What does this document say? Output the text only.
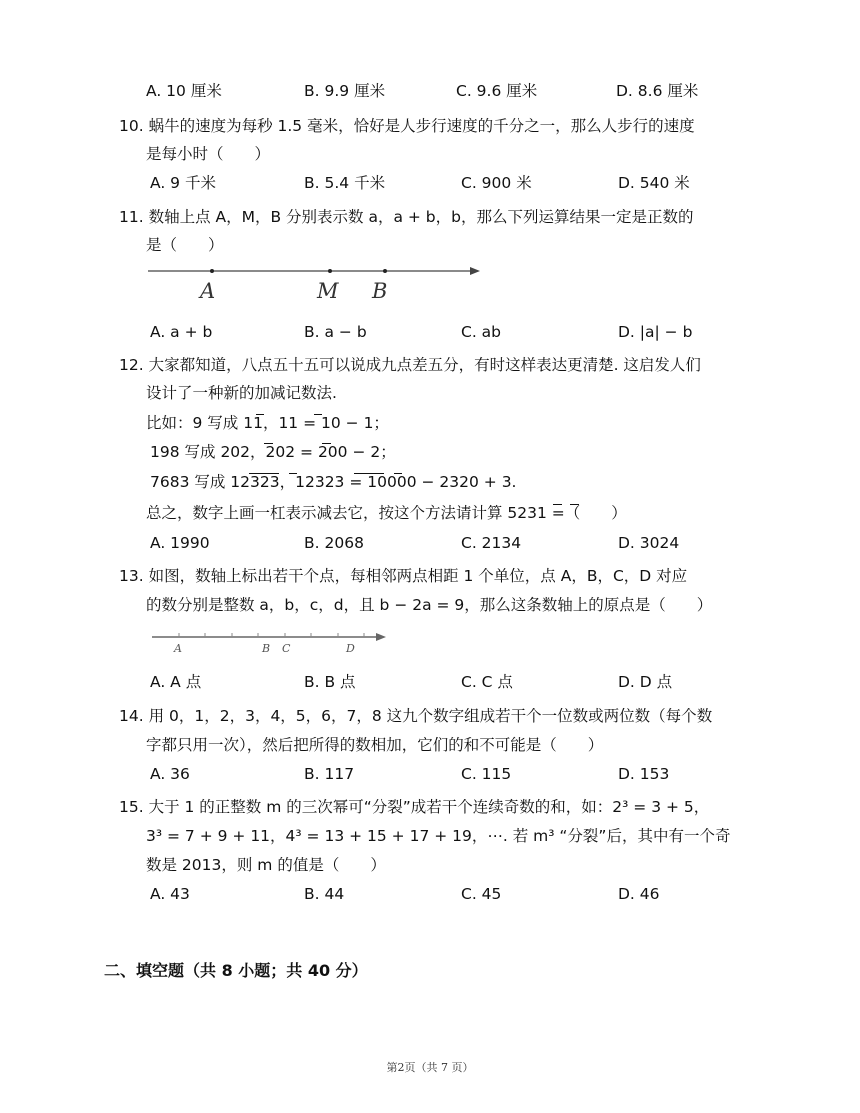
A. 10 厘米	B. 9.9 厘米	C. 9.6 厘米	D. 8.6 厘米
10. 蜗牛的速度为每秒 1.5 毫米，恰好是人步行速度的千分之一，那么人步行的速度
是每小时（　　）
A. 9 千米	B. 5.4 千米	C. 900 米	D. 540 米
11. 数轴上点 A，M，B 分别表示数 a，a + b，b，那么下列运算结果一定是正数的
是（　　）
A	M B
A. a + b	B. a − b	C. ab	D. |a| − b
12. 大家都知道，八点五十五可以说成九点差五分，有时这样表达更清楚. 这启发人们
设计了一种新的加减记数法.
比如：9 写成 11，11 = 10 − 1；
198 写成 202，202 = 200 − 2；
7683 写成 12323，12323 = 10000 − 2320 + 3.
总之，数字上画一杠表示减去它，按这个方法请计算 5231 =（　　）
A. 1990	B. 2068	C. 2134	D. 3024
13. 如图，数轴上标出若干个点，每相邻两点相距 1 个单位，点 A，B，C，D 对应
的数分别是整数 a，b，c，d，且 b − 2a = 9，那么这条数轴上的原点是（　　）
A	B C	D
A. A 点	B. B 点	C. C 点	D. D 点
14. 用 0，1，2，3，4，5，6，7，8 这九个数字组成若干个一位数或两位数（每个数
字都只用一次），然后把所得的数相加，它们的和不可能是（　　）
A. 36	B. 117	C. 115	D. 153
15. 大于 1 的正整数 m 的三次幂可“分裂”成若干个连续奇数的和，如：2³ = 3 + 5，
3³ = 7 + 9 + 11，4³ = 13 + 15 + 17 + 19，⋯. 若 m³ “分裂”后，其中有一个奇
数是 2013，则 m 的值是（　　）
A. 43	B. 44	C. 45	D. 46
二、填空题（共 8 小题；共 40 分）
第2页（共 7 页）
